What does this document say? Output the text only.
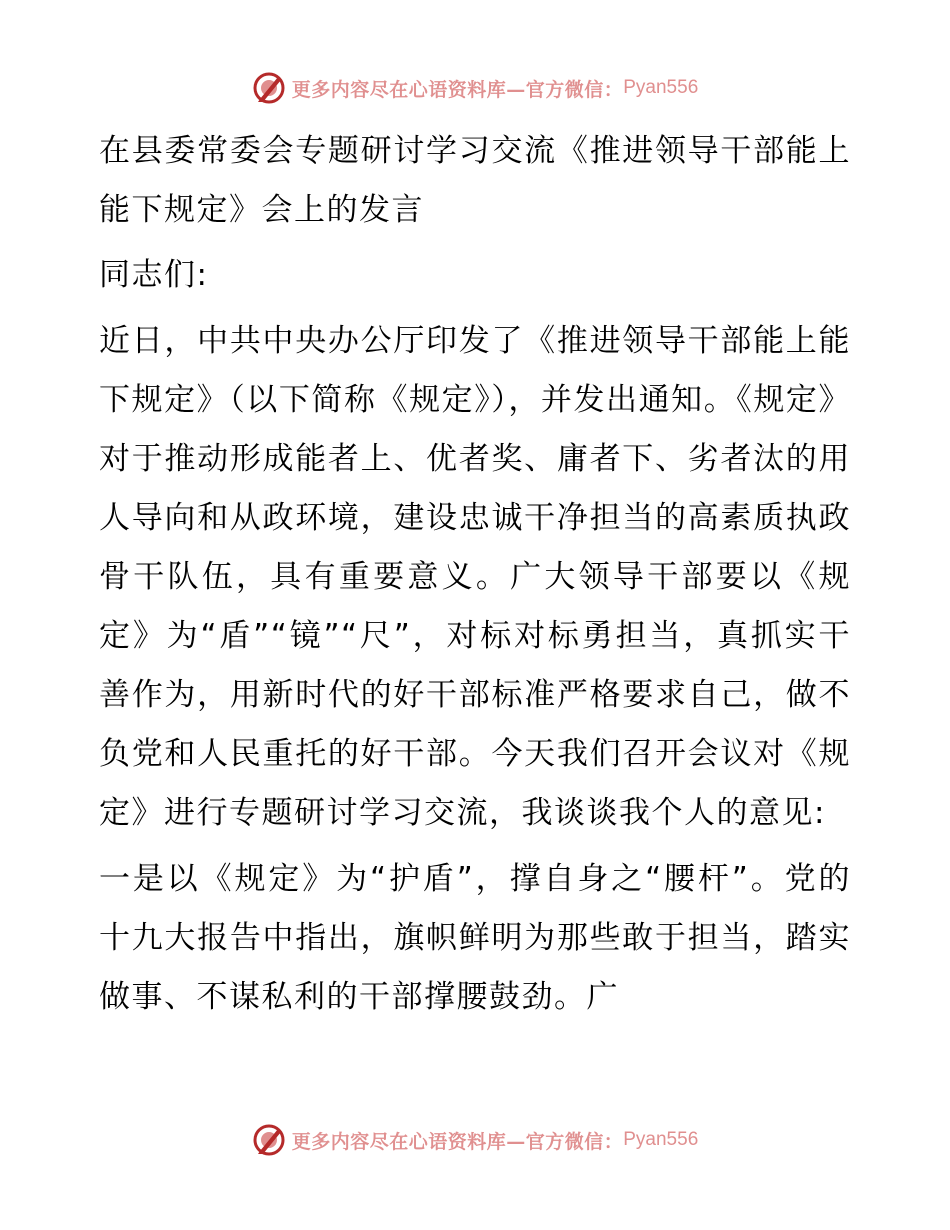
更多内容尽在心语资料库—官方微信： Pyan556

在县委常委会专题研讨学习交流《推进领导干部能上能下规定》会上的发言

同志们:

近日，中共中央办公厅印发了《推进领导干部能上能下规定》（以下简称《规定》），并发出通知。《规定》对于推动形成能者上、优者奖、庸者下、劣者汰的用人导向和从政环境，建设忠诚干净担当的高素质执政骨干队伍，具有重要意义。广大领导干部要以《规定》为“盾”“镜”“尺”，对标对标勇担当，真抓实干善作为，用新时代的好干部标准严格要求自己，做不负党和人民重托的好干部。今天我们召开会议对《规定》进行专题研讨学习交流，我谈谈我个人的意见:

一是以《规定》为“护盾”，撑自身之“腰杆”。党的十九大报告中指出，旗帜鲜明为那些敢于担当，踏实做事、不谋私利的干部撑腰鼓劲。广

更多内容尽在心语资料库—官方微信： Pyan556
